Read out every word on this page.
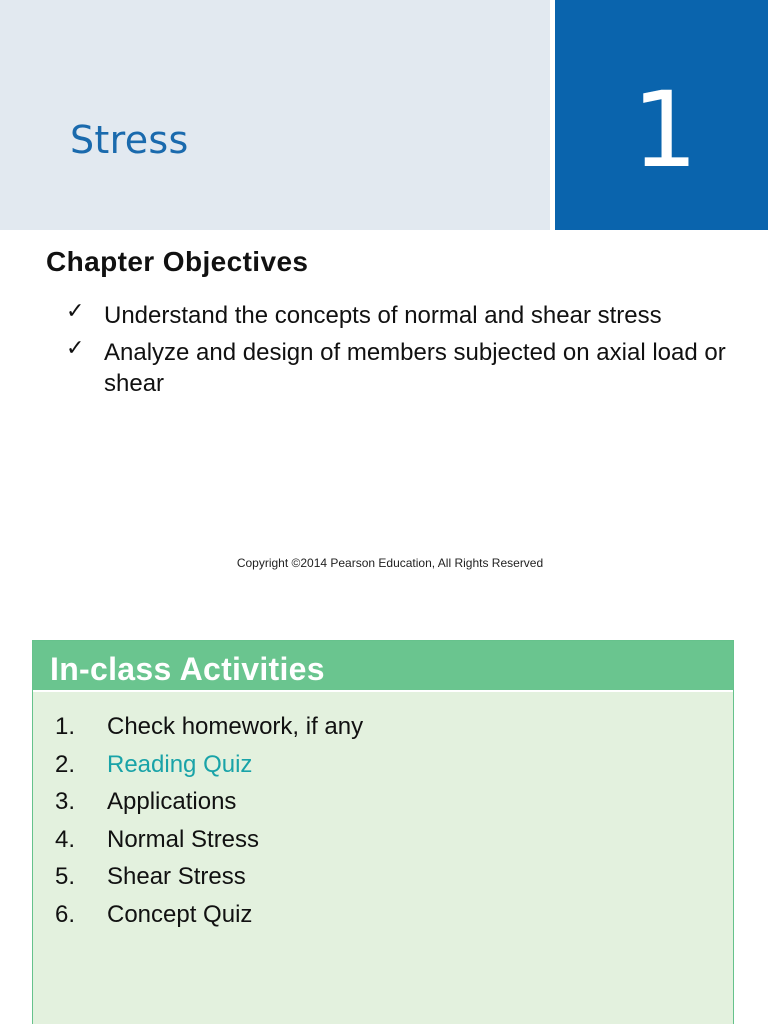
Stress	1
Chapter Objectives
✓ Understand the concepts of normal and shear stress
✓ Analyze and design of members subjected on axial load or shear
Copyright ©2014 Pearson Education, All Rights Reserved
In-class Activities
1. Check homework, if any
2. Reading Quiz
3. Applications
4. Normal Stress
5. Shear Stress
6. Concept Quiz
